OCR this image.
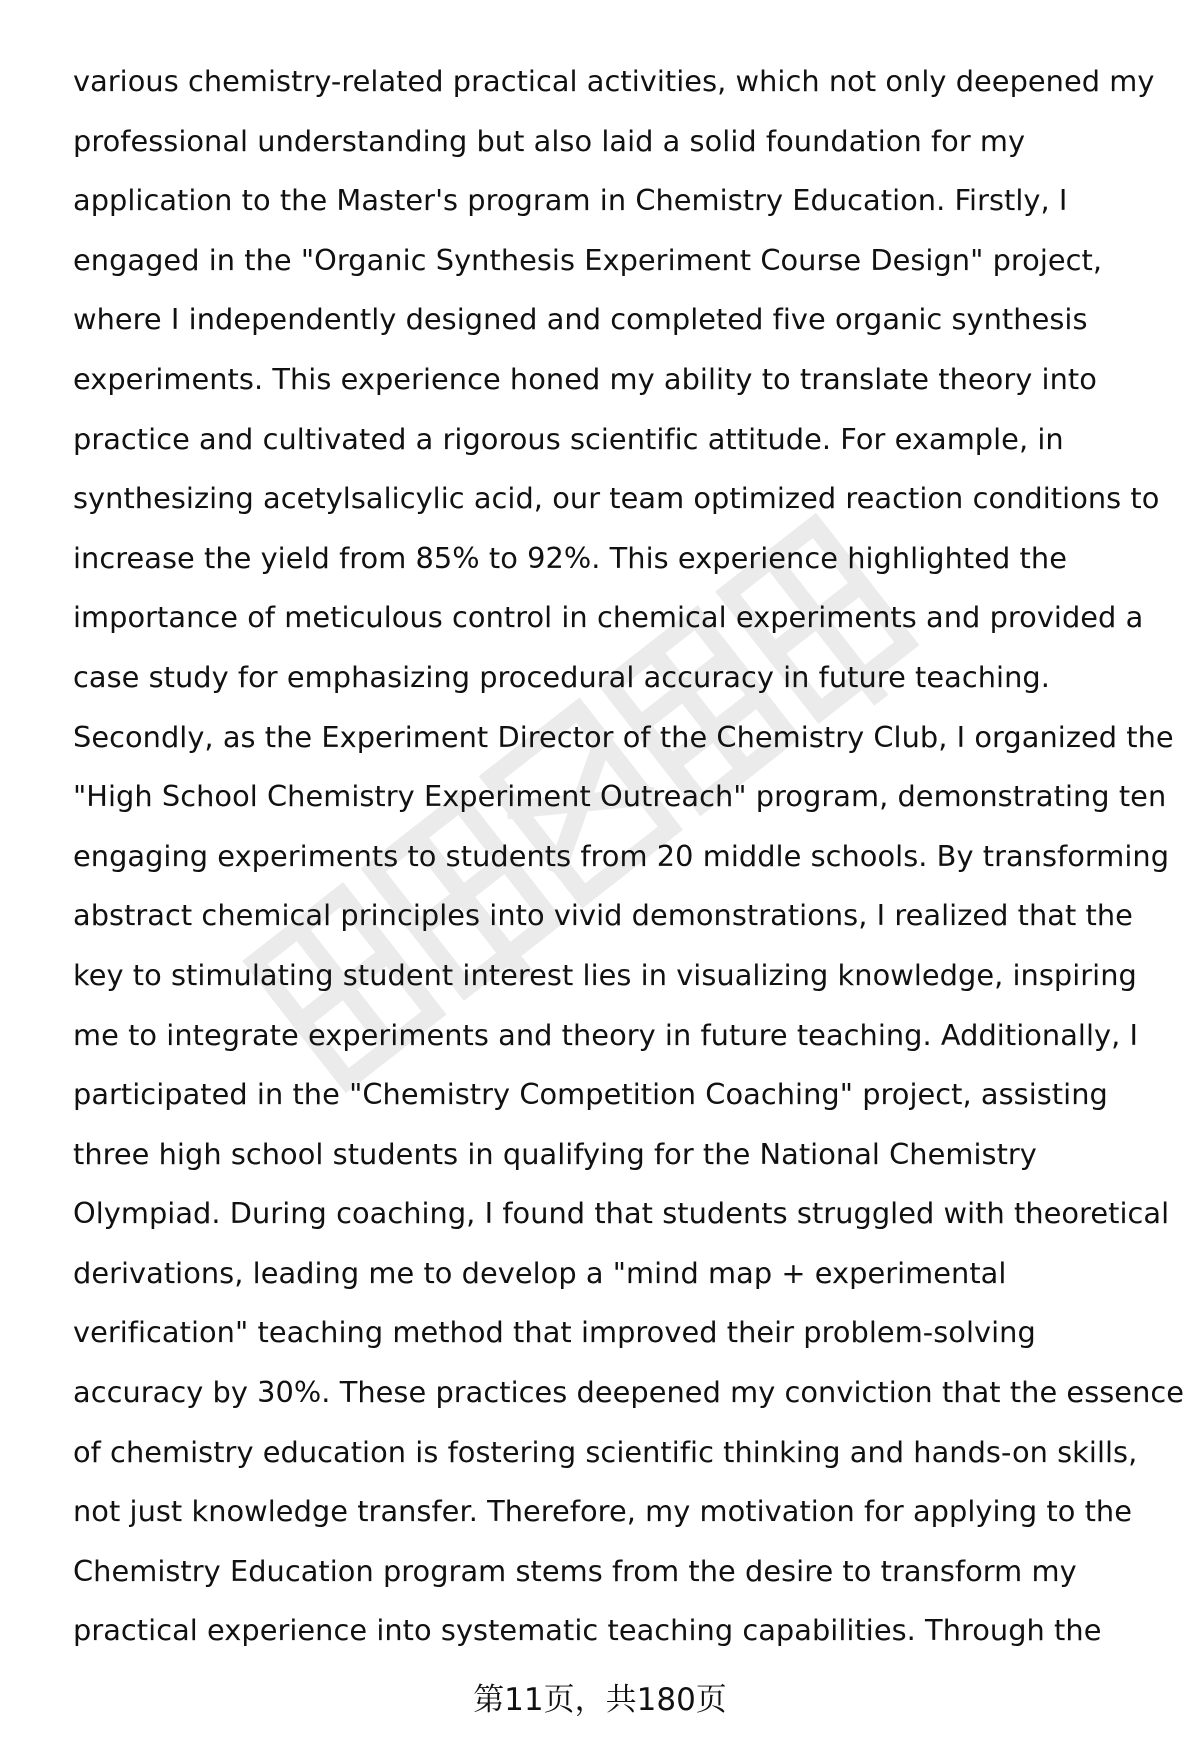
various chemistry-related practical activities, which not only deepened my
professional understanding but also laid a solid foundation for my
application to the Master's program in Chemistry Education. Firstly, I
engaged in the "Organic Synthesis Experiment Course Design" project,
where I independently designed and completed five organic synthesis
experiments. This experience honed my ability to translate theory into
practice and cultivated a rigorous scientific attitude. For example, in
synthesizing acetylsalicylic acid, our team optimized reaction conditions to
increase the yield from 85% to 92%. This experience highlighted the
importance of meticulous control in chemical experiments and provided a
case study for emphasizing procedural accuracy in future teaching.
Secondly, as the Experiment Director of the Chemistry Club, I organized the
"High School Chemistry Experiment Outreach" program, demonstrating ten
engaging experiments to students from 20 middle schools. By transforming
abstract chemical principles into vivid demonstrations, I realized that the
key to stimulating student interest lies in visualizing knowledge, inspiring
me to integrate experiments and theory in future teaching. Additionally, I
participated in the "Chemistry Competition Coaching" project, assisting
three high school students in qualifying for the National Chemistry
Olympiad. During coaching, I found that students struggled with theoretical
derivations, leading me to develop a "mind map + experimental
verification" teaching method that improved their problem-solving
accuracy by 30%. These practices deepened my conviction that the essence
of chemistry education is fostering scientific thinking and hands-on skills,
not just knowledge transfer. Therefore, my motivation for applying to the
Chemistry Education program stems from the desire to transform my
practical experience into systematic teaching capabilities. Through the
第11页，共180页
